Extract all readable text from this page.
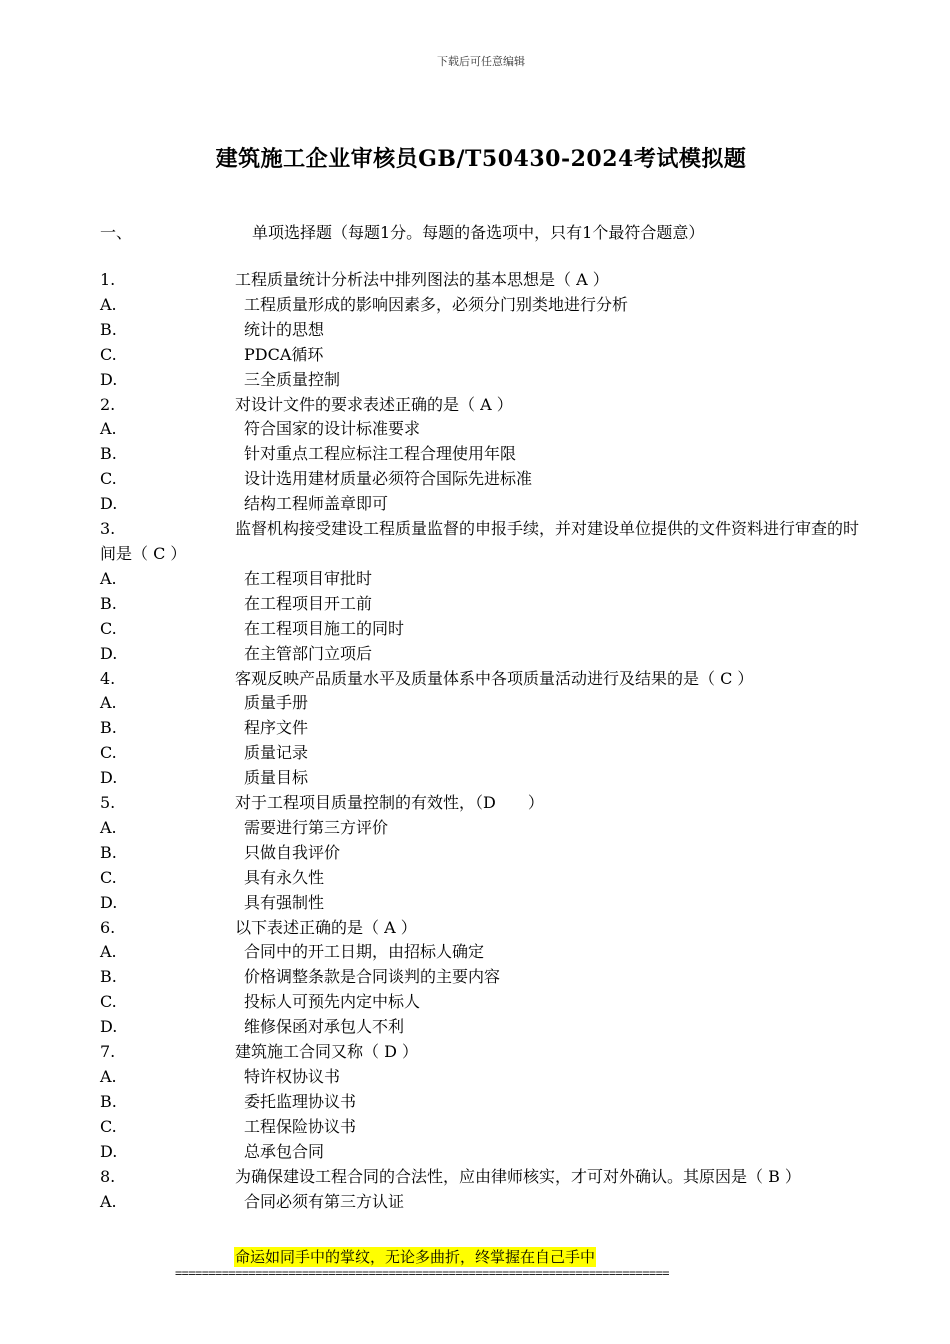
下载后可任意编辑
建筑施工企业审核员GB/T50430-2024考试模拟题
一、	单项选择题（每题1分。每题的备选项中，只有1个最符合题意）
1.	工程质量统计分析法中排列图法的基本思想是（ A ）
A.	工程质量形成的影响因素多，必须分门别类地进行分析
B.	统计的思想
C.	PDCA循环
D.	三全质量控制
2.	对设计文件的要求表述正确的是（ A ）
A.	符合国家的设计标准要求
B.	针对重点工程应标注工程合理使用年限
C.	设计选用建材质量必须符合国际先进标准
D.	结构工程师盖章即可
3.	监督机构接受建设工程质量监督的申报手续，并对建设单位提供的文件资料进行审查的时间是（ C ）
A.	在工程项目审批时
B.	在工程项目开工前
C.	在工程项目施工的同时
D.	在主管部门立项后
4.	客观反映产品质量水平及质量体系中各项质量活动进行及结果的是（ C ）
A.	质量手册
B.	程序文件
C.	质量记录
D.	质量目标
5.	对于工程项目质量控制的有效性，（D　　）
A.	需要进行第三方评价
B.	只做自我评价
C.	具有永久性
D.	具有强制性
6.	以下表述正确的是（ A ）
A.	合同中的开工日期，由招标人确定
B.	价格调整条款是合同谈判的主要内容
C.	投标人可预先内定中标人
D.	维修保函对承包人不利
7.	建筑施工合同又称（ D ）
A.	特许权协议书
B.	委托监理协议书
C.	工程保险协议书
D.	总承包合同
8.	为确保建设工程合同的合法性，应由律师核实，才可对外确认。其原因是（ B ）
A.	合同必须有第三方认证
命运如同手中的掌纹，无论多曲折，终掌握在自己手中
==========================================================================
